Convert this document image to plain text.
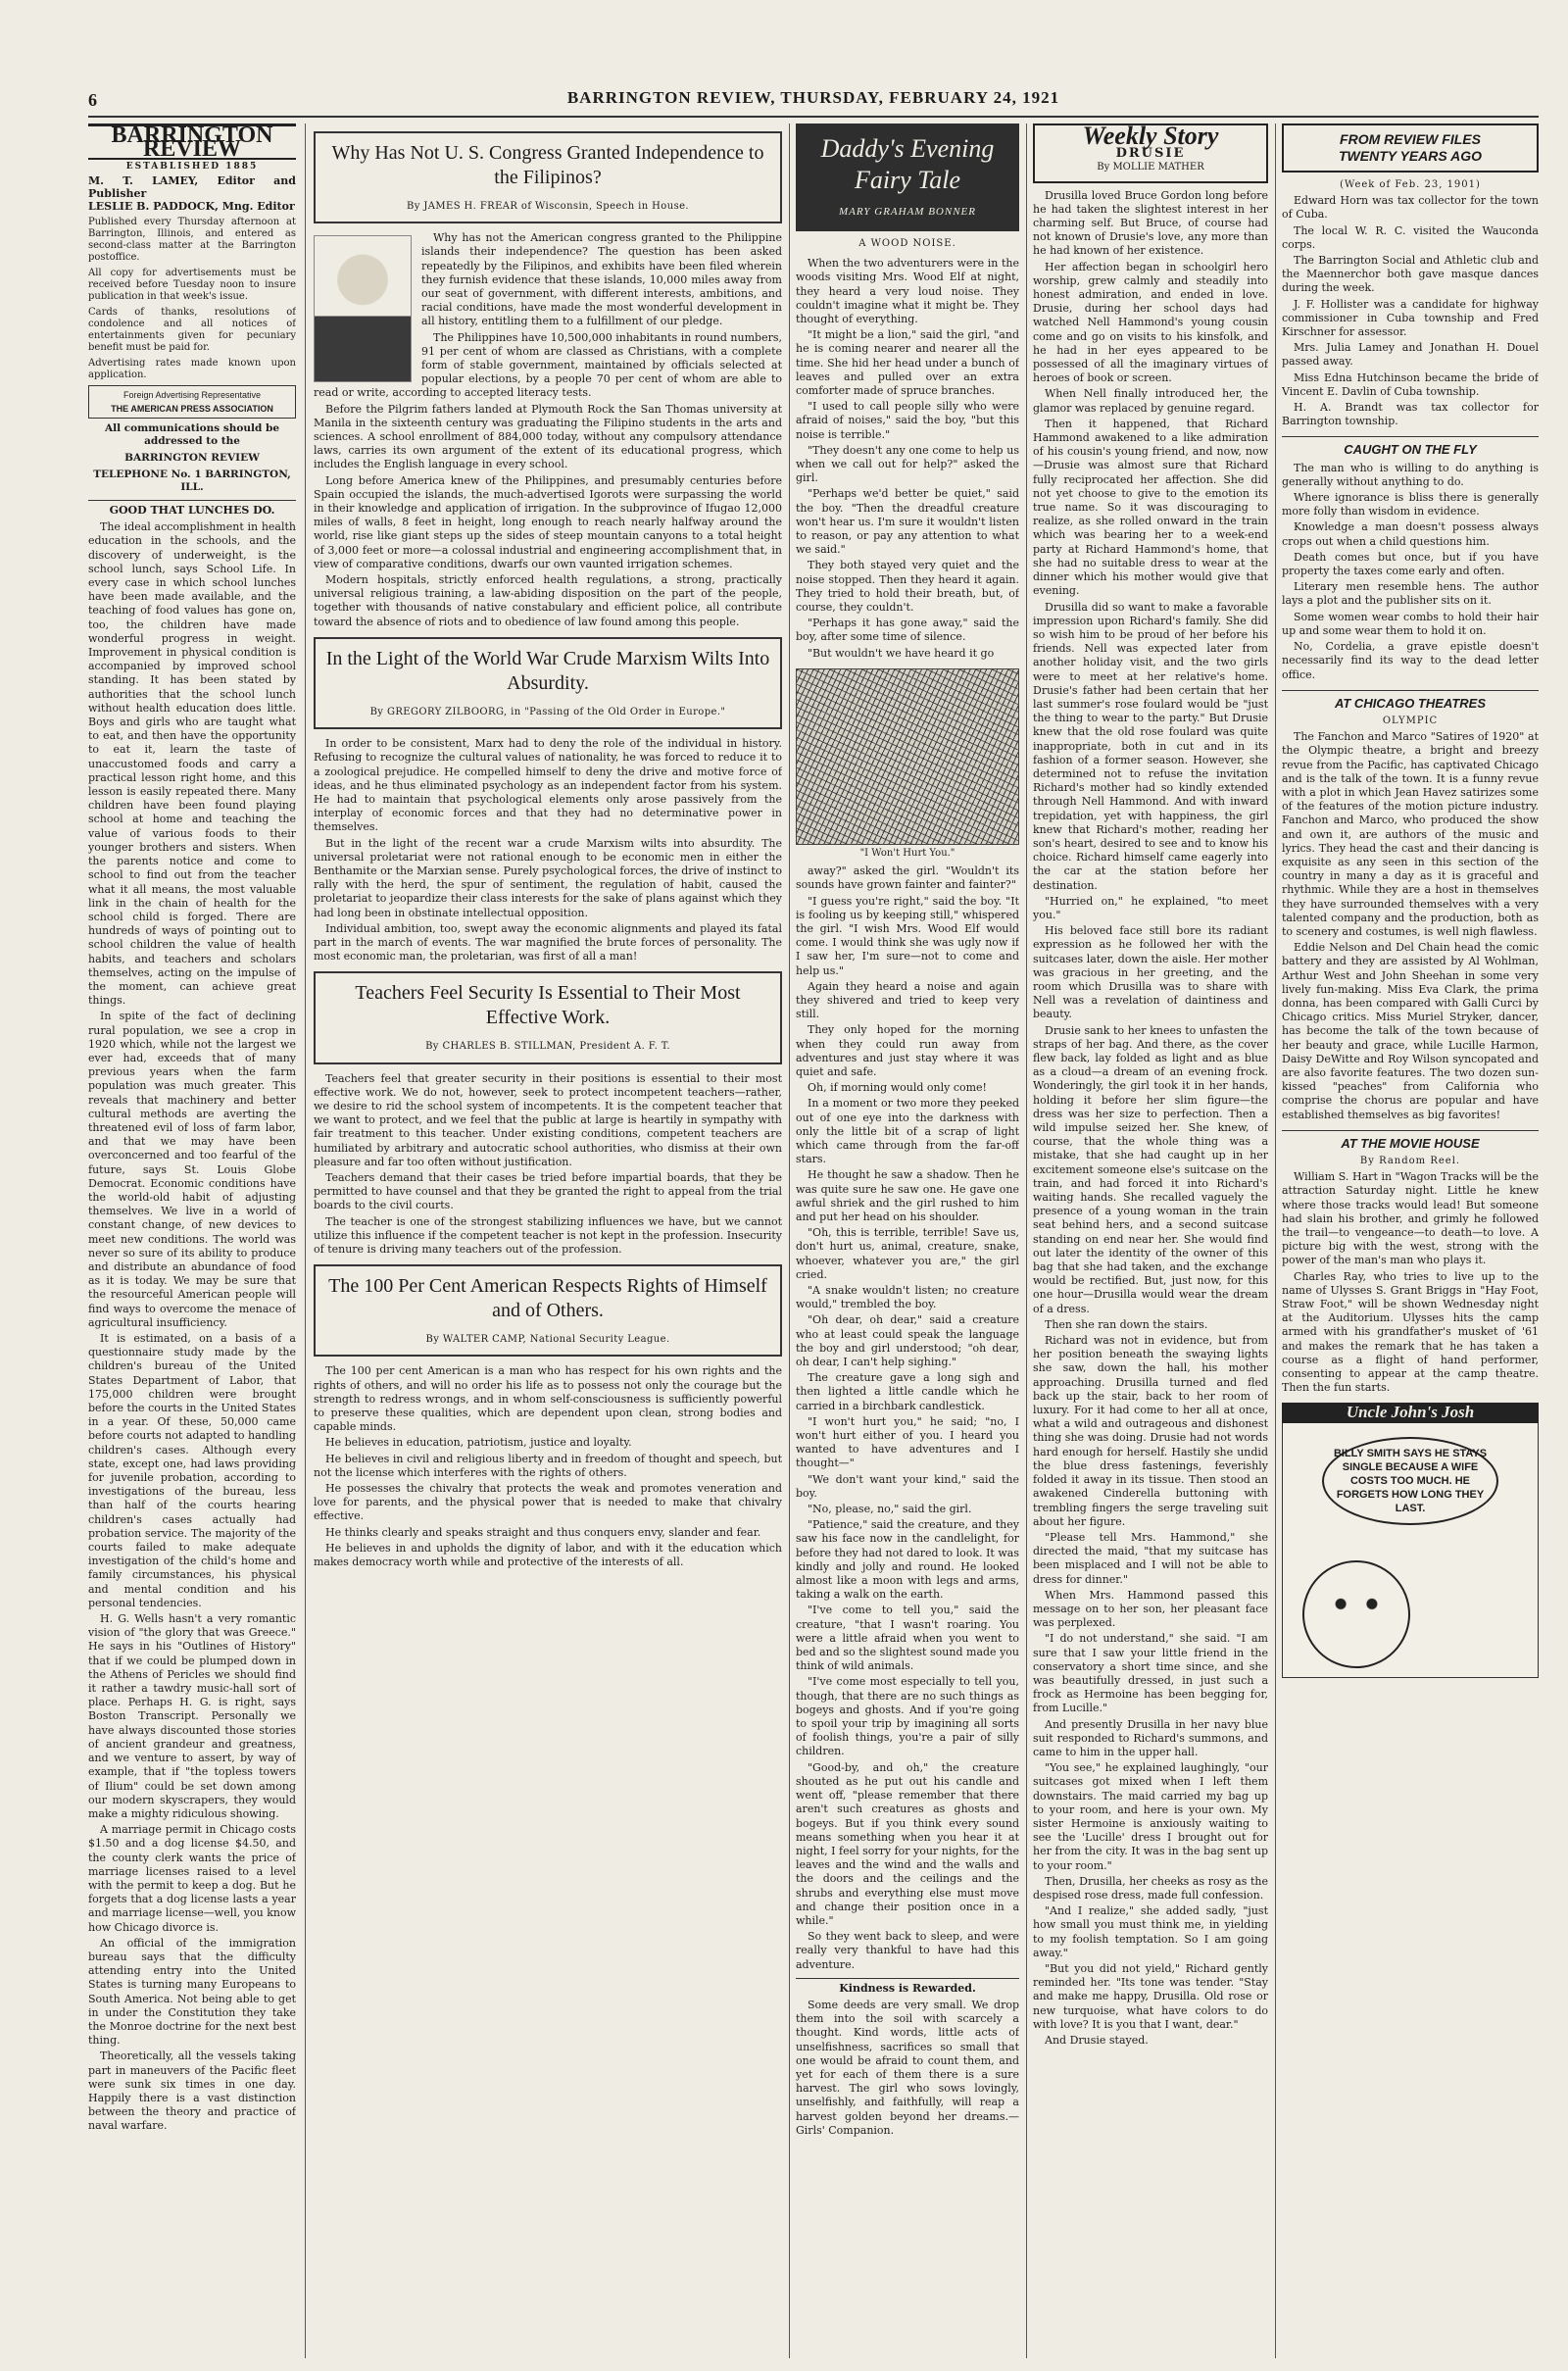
6	BARRINGTON REVIEW, THURSDAY, FEBRUARY 24, 1921
BARRINGTON REVIEW
ESTABLISHED 1885
M. T. LAMEY, Editor and Publisher
LESLIE B. PADDOCK, Mng. Editor
Published every Thursday afternoon at Barrington, Illinois, and entered as second-class matter at the Barrington postoffice.
All copy for advertisements must be received before Tuesday noon to insure publication in that week's issue.
Cards of thanks, resolutions of condolence and all notices of entertainments given for pecuniary benefit must be paid for.
Advertising rates made known upon application.
Foreign Advertising Representative
THE AMERICAN PRESS ASSOCIATION
All communications should be addressed to the
BARRINGTON REVIEW
TELEPHONE No. 1 BARRINGTON, ILL.
GOOD THAT LUNCHES DO.
The ideal accomplishment in health education in the schools, and the discovery of underweight, is the school lunch, says School Life. In every case in which school lunches have been made available, and the teaching of food values has gone on, too, the children have made wonderful progress in weight. Improvement in physical condition is accompanied by improved school standing. It has been stated by authorities that the school lunch without health education does little. Boys and girls who are taught what to eat, and then have the opportunity to eat it, learn the taste of unaccustomed foods and carry a practical lesson right home, and this lesson is easily repeated there. Many children have been found playing school at home and teaching the value of various foods to their younger brothers and sisters. When the parents notice and come to school to find out from the teacher what it all means, the most valuable link in the chain of health for the school child is forged. There are hundreds of ways of pointing out to school children the value of health habits, and teachers and scholars themselves, acting on the impulse of the moment, can achieve great things.
In spite of the fact of declining rural population, we see a crop in 1920 which, while not the largest we ever had, exceeds that of many previous years when the farm population was much greater. This reveals that machinery and better cultural methods are averting the threatened evil of loss of farm labor, and that we may have been overconcerned and too fearful of the future, says St. Louis Globe Democrat. Economic conditions have the world-old habit of adjusting themselves. We live in a world of constant change, of new devices to meet new conditions. The world was never so sure of its ability to produce and distribute an abundance of food as it is today. We may be sure that the resourceful American people will find ways to overcome the menace of agricultural insufficiency.
It is estimated, on a basis of a questionnaire study made by the children's bureau of the United States Department of Labor, that 175,000 children were brought before the courts in the United States in a year. Of these, 50,000 came before courts not adapted to handling children's cases. Although every state, except one, had laws providing for juvenile probation, according to investigations of the bureau, less than half of the courts hearing children's cases actually had probation service. The majority of the courts failed to make adequate investigation of the child's home and family circumstances, his physical and mental condition and his personal tendencies.
H. G. Wells hasn't a very romantic vision of "the glory that was Greece." He says in his "Outlines of History" that if we could be plumped down in the Athens of Pericles we should find it rather a tawdry music-hall sort of place. Perhaps H. G. is right, says Boston Transcript. Personally we have always discounted those stories of ancient grandeur and greatness, and we venture to assert, by way of example, that if "the topless towers of Ilium" could be set down among our modern skyscrapers, they would make a mighty ridiculous showing.
A marriage permit in Chicago costs $1.50 and a dog license $4.50, and the county clerk wants the price of marriage licenses raised to a level with the permit to keep a dog. But he forgets that a dog license lasts a year and marriage license—well, you know how Chicago divorce is.
An official of the immigration bureau says that the difficulty attending entry into the United States is turning many Europeans to South America. Not being able to get in under the Constitution they take the Monroe doctrine for the next best thing.
Theoretically, all the vessels taking part in maneuvers of the Pacific fleet were sunk six times in one day. Happily there is a vast distinction between the theory and practice of naval warfare.
Why Has Not U. S. Congress Granted Independence to the Filipinos?
By JAMES H. FREAR of Wisconsin, Speech in House.
Why has not the American congress granted to the Philippine islands their independence? The question has been asked repeatedly by the Filipinos, and exhibits have been filed wherein they furnish evidence that these islands, 10,000 miles away from our seat of government, with different interests, ambitions, and racial conditions, have made the most wonderful development in all history, entitling them to a fulfillment of our pledge.
The Philippines have 10,500,000 inhabitants in round numbers, 91 per cent of whom are classed as Christians, with a complete form of stable government, maintained by officials selected at popular elections, by a people 70 per cent of whom are able to read or write, according to accepted literacy tests.
Before the Pilgrim fathers landed at Plymouth Rock the San Thomas university at Manila in the sixteenth century was graduating the Filipino students in the arts and sciences. A school enrollment of 884,000 today, without any compulsory attendance laws, carries its own argument of the extent of its educational progress, which includes the English language in every school.
Long before America knew of the Philippines, and presumably centuries before Spain occupied the islands, the much-advertised Igorots were surpassing the world in their knowledge and application of irrigation. In the subprovince of Ifugao 12,000 miles of walls, 8 feet in height, long enough to reach nearly halfway around the world, rise like giant steps up the sides of steep mountain canyons to a total height of 3,000 feet or more—a colossal industrial and engineering accomplishment that, in view of comparative conditions, dwarfs our own vaunted irrigation schemes.
Modern hospitals, strictly enforced health regulations, a strong, practically universal religious training, a law-abiding disposition on the part of the people, together with thousands of native constabulary and efficient police, all contribute toward the absence of riots and to obedience of law found among this people.
In the Light of the World War Crude Marxism Wilts Into Absurdity.
By GREGORY ZILBOORG, in "Passing of the Old Order in Europe."
In order to be consistent, Marx had to deny the role of the individual in history. Refusing to recognize the cultural values of nationality, he was forced to reduce it to a zoological prejudice. He compelled himself to deny the drive and motive force of ideas, and he thus eliminated psychology as an independent factor from his system. He had to maintain that psychological elements only arose passively from the interplay of economic forces and that they had no determinative power in themselves.
But in the light of the recent war a crude Marxism wilts into absurdity. The universal proletariat were not rational enough to be economic men in either the Benthamite or the Marxian sense. Purely psychological forces, the drive of instinct to rally with the herd, the spur of sentiment, the regulation of habit, caused the proletariat to jeopardize their class interests for the sake of plans against which they had long been in obstinate intellectual opposition.
Individual ambition, too, swept away the economic alignments and played its fatal part in the march of events. The war magnified the brute forces of personality. The most economic man, the proletarian, was first of all a man!
Teachers Feel Security Is Essential to Their Most Effective Work.
By CHARLES B. STILLMAN, President A. F. T.
Teachers feel that greater security in their positions is essential to their most effective work. We do not, however, seek to protect incompetent teachers—rather, we desire to rid the school system of incompetents. It is the competent teacher that we want to protect, and we feel that the public at large is heartily in sympathy with fair treatment to this teacher. Under existing conditions, competent teachers are humiliated by arbitrary and autocratic school authorities, who dismiss at their own pleasure and far too often without justification.
Teachers demand that their cases be tried before impartial boards, that they be permitted to have counsel and that they be granted the right to appeal from the trial boards to the civil courts.
The teacher is one of the strongest stabilizing influences we have, but we cannot utilize this influence if the competent teacher is not kept in the profession. Insecurity of tenure is driving many teachers out of the profession.
The 100 Per Cent American Respects Rights of Himself and of Others.
By WALTER CAMP, National Security League.
The 100 per cent American is a man who has respect for his own rights and the rights of others, and will no order his life as to possess not only the courage but the strength to redress wrongs, and in whom self-consciousness is sufficiently powerful to preserve these qualities, which are dependent upon clean, strong bodies and capable minds.
He believes in education, patriotism, justice and loyalty.
He believes in civil and religious liberty and in freedom of thought and speech, but not the license which interferes with the rights of others.
He possesses the chivalry that protects the weak and promotes veneration and love for parents, and the physical power that is needed to make that chivalry effective.
He thinks clearly and speaks straight and thus conquers envy, slander and fear.
He believes in and upholds the dignity of labor, and with it the education which makes democracy worth while and protective of the interests of all.
Daddy's Evening Fairy Tale
MARY GRAHAM BONNER
A WOOD NOISE.
When the two adventurers were in the woods visiting Mrs. Wood Elf at night, they heard a very loud noise. They couldn't imagine what it might be. They thought of everything.
"It might be a lion," said the girl, "and he is coming nearer and nearer all the time. She hid her head under a bunch of leaves and pulled over an extra comforter made of spruce branches.
"I used to call people silly who were afraid of noises," said the boy, "but this noise is terrible."
"They doesn't any one come to help us when we call out for help?" asked the girl.
"Perhaps we'd better be quiet," said the boy. "Then the dreadful creature won't hear us. I'm sure it wouldn't listen to reason, or pay any attention to what we said."
They both stayed very quiet and the noise stopped. Then they heard it again. They tried to hold their breath, but, of course, they couldn't.
"Perhaps it has gone away," said the boy, after some time of silence.
"But wouldn't we have heard it go
"I Won't Hurt You."
away?" asked the girl. "Wouldn't its sounds have grown fainter and fainter?"
"I guess you're right," said the boy. "It is fooling us by keeping still," whispered the girl. "I wish Mrs. Wood Elf would come. I would think she was ugly now if I saw her, I'm sure—not to come and help us."
Again they heard a noise and again they shivered and tried to keep very still.
They only hoped for the morning when they could run away from adventures and just stay where it was quiet and safe.
Oh, if morning would only come!
In a moment or two more they peeked out of one eye into the darkness with only the little bit of a scrap of light which came through from the far-off stars.
He thought he saw a shadow. Then he was quite sure he saw one. He gave one awful shriek and the girl rushed to him and put her head on his shoulder.
"Oh, this is terrible, terrible! Save us, don't hurt us, animal, creature, snake, whoever, whatever you are," the girl cried.
"A snake wouldn't listen; no creature would," trembled the boy.
"Oh dear, oh dear," said a creature who at least could speak the language the boy and girl understood; "oh dear, oh dear, I can't help sighing."
The creature gave a long sigh and then lighted a little candle which he carried in a birchbark candlestick.
"I won't hurt you," he said; "no, I won't hurt either of you. I heard you wanted to have adventures and I thought—"
"We don't want your kind," said the boy.
"No, please, no," said the girl.
"Patience," said the creature, and they saw his face now in the candlelight, for before they had not dared to look. It was kindly and jolly and round. He looked almost like a moon with legs and arms, taking a walk on the earth.
"I've come to tell you," said the creature, "that I wasn't roaring. You were a little afraid when you went to bed and so the slightest sound made you think of wild animals.
"I've come most especially to tell you, though, that there are no such things as bogeys and ghosts. And if you're going to spoil your trip by imagining all sorts of foolish things, you're a pair of silly children.
"Good-by, and oh," the creature shouted as he put out his candle and went off, "please remember that there aren't such creatures as ghosts and bogeys. But if you think every sound means something when you hear it at night, I feel sorry for your nights, for the leaves and the wind and the walls and the doors and the ceilings and the shrubs and everything else must move and change their position once in a while."
So they went back to sleep, and were really very thankful to have had this adventure.
Kindness is Rewarded.
Some deeds are very small. We drop them into the soil with scarcely a thought. Kind words, little acts of unselfishness, sacrifices so small that one would be afraid to count them, and yet for each of them there is a sure harvest. The girl who sows lovingly, unselfishly, and faithfully, will reap a harvest golden beyond her dreams.—Girls' Companion.
Weekly Story
DRUSIE
By MOLLIE MATHER
Drusilla loved Bruce Gordon long before he had taken the slightest interest in her charming self. But Bruce, of course had not known of Drusie's love, any more than he had known of her existence.
Her affection began in schoolgirl hero worship, grew calmly and steadily into honest admiration, and ended in love. Drusie, during her school days had watched Nell Hammond's young cousin come and go on visits to his kinsfolk, and he had in her eyes appeared to be possessed of all the imaginary virtues of heroes of book or screen.
When Nell finally introduced her, the glamor was replaced by genuine regard.
Then it happened, that Richard Hammond awakened to a like admiration of his cousin's young friend, and now, now—Drusie was almost sure that Richard fully reciprocated her affection. She did not yet choose to give to the emotion its true name. So it was discouraging to realize, as she rolled onward in the train which was bearing her to a week-end party at Richard Hammond's home, that she had no suitable dress to wear at the dinner which his mother would give that evening.
Drusilla did so want to make a favorable impression upon Richard's family. She did so wish him to be proud of her before his friends. Nell was expected later from another holiday visit, and the two girls were to meet at her relative's home. Drusie's father had been certain that her last summer's rose foulard would be "just the thing to wear to the party." But Drusie knew that the old rose foulard was quite inappropriate, both in cut and in its fashion of a former season. However, she determined not to refuse the invitation Richard's mother had so kindly extended through Nell Hammond. And with inward trepidation, yet with happiness, the girl knew that Richard's mother, reading her son's heart, desired to see and to know his choice. Richard himself came eagerly into the car at the station before her destination.
"Hurried on," he explained, "to meet you."
His beloved face still bore its radiant expression as he followed her with the suitcases later, down the aisle. Her mother was gracious in her greeting, and the room which Drusilla was to share with Nell was a revelation of daintiness and beauty.
Drusie sank to her knees to unfasten the straps of her bag. And there, as the cover flew back, lay folded as light and as blue as a cloud—a dream of an evening frock. Wonderingly, the girl took it in her hands, holding it before her slim figure—the dress was her size to perfection. Then a wild impulse seized her. She knew, of course, that the whole thing was a mistake, that she had caught up in her excitement someone else's suitcase on the train, and had forced it into Richard's waiting hands. She recalled vaguely the presence of a young woman in the train seat behind hers, and a second suitcase standing on end near her. She would find out later the identity of the owner of this bag that she had taken, and the exchange would be rectified. But, just now, for this one hour—Drusilla would wear the dream of a dress.
Then she ran down the stairs.
Richard was not in evidence, but from her position beneath the swaying lights she saw, down the hall, his mother approaching. Drusilla turned and fled back up the stair, back to her room of luxury. For it had come to her all at once, what a wild and outrageous and dishonest thing she was doing. Drusie had not words hard enough for herself. Hastily she undid the blue dress fastenings, feverishly folded it away in its tissue. Then stood an awakened Cinderella buttoning with trembling fingers the serge traveling suit about her figure.
"Please tell Mrs. Hammond," she directed the maid, "that my suitcase has been misplaced and I will not be able to dress for dinner."
When Mrs. Hammond passed this message on to her son, her pleasant face was perplexed.
"I do not understand," she said. "I am sure that I saw your little friend in the conservatory a short time since, and she was beautifully dressed, in just such a frock as Hermoine has been begging for, from Lucille."
And presently Drusilla in her navy blue suit responded to Richard's summons, and came to him in the upper hall.
"You see," he explained laughingly, "our suitcases got mixed when I left them downstairs. The maid carried my bag up to your room, and here is your own. My sister Hermoine is anxiously waiting to see the 'Lucille' dress I brought out for her from the city. It was in the bag sent up to your room."
Then, Drusilla, her cheeks as rosy as the despised rose dress, made full confession.
"And I realize," she added sadly, "just how small you must think me, in yielding to my foolish temptation. So I am going away."
"But you did not yield," Richard gently reminded her. "Its tone was tender. "Stay and make me happy, Drusilla. Old rose or new turquoise, what have colors to do with love? It is you that I want, dear."
And Drusie stayed.
FROM REVIEW FILES
TWENTY YEARS AGO
(Week of Feb. 23, 1901)
Edward Horn was tax collector for the town of Cuba.
The local W. R. C. visited the Wauconda corps.
The Barrington Social and Athletic club and the Maennerchor both gave masque dances during the week.
J. F. Hollister was a candidate for highway commissioner in Cuba township and Fred Kirschner for assessor.
Mrs. Julia Lamey and Jonathan H. Douel passed away.
Miss Edna Hutchinson became the bride of Vincent E. Davlin of Cuba township.
H. A. Brandt was tax collector for Barrington township.
CAUGHT ON THE FLY
The man who is willing to do anything is generally without anything to do.
Where ignorance is bliss there is generally more folly than wisdom in evidence.
Knowledge a man doesn't possess always crops out when a child questions him.
Death comes but once, but if you have property the taxes come early and often.
Literary men resemble hens. The author lays a plot and the publisher sits on it.
Some women wear combs to hold their hair up and some wear them to hold it on.
No, Cordelia, a grave epistle doesn't necessarily find its way to the dead letter office.
AT CHICAGO THEATRES
OLYMPIC
The Fanchon and Marco "Satires of 1920" at the Olympic theatre, a bright and breezy revue from the Pacific, has captivated Chicago and is the talk of the town. It is a funny revue with a plot in which Jean Havez satirizes some of the features of the motion picture industry. Fanchon and Marco, who produced the show and own it, are authors of the music and lyrics. They head the cast and their dancing is exquisite as any seen in this section of the country in many a day as it is graceful and rhythmic. While they are a host in themselves they have surrounded themselves with a very talented company and the production, both as to scenery and costumes, is well nigh flawless.
Eddie Nelson and Del Chain head the comic battery and they are assisted by Al Wohlman, Arthur West and John Sheehan in some very lively fun-making. Miss Eva Clark, the prima donna, has been compared with Galli Curci by Chicago critics. Miss Muriel Stryker, dancer, has become the talk of the town because of her beauty and grace, while Lucille Harmon, Daisy DeWitte and Roy Wilson syncopated and are also favorite features. The two dozen sun-kissed "peaches" from California who comprise the chorus are popular and have established themselves as big favorites!
AT THE MOVIE HOUSE
By Random Reel.
William S. Hart in "Wagon Tracks will be the attraction Saturday night. Little he knew where those tracks would lead! But someone had slain his brother, and grimly he followed the trail—to vengeance—to death—to love. A picture big with the west, strong with the power of the man's man who plays it.
Charles Ray, who tries to live up to the name of Ulysses S. Grant Briggs in "Hay Foot, Straw Foot," will be shown Wednesday night at the Auditorium. Ulysses hits the camp armed with his grandfather's musket of '61 and makes the remark that he has taken a course as a flight of hand performer, consenting to appear at the camp theatre. Then the fun starts.
Uncle John's Josh
BILLY SMITH SAYS HE STAYS SINGLE BECAUSE A WIFE COSTS TOO MUCH. HE FORGETS HOW LONG THEY LAST.
